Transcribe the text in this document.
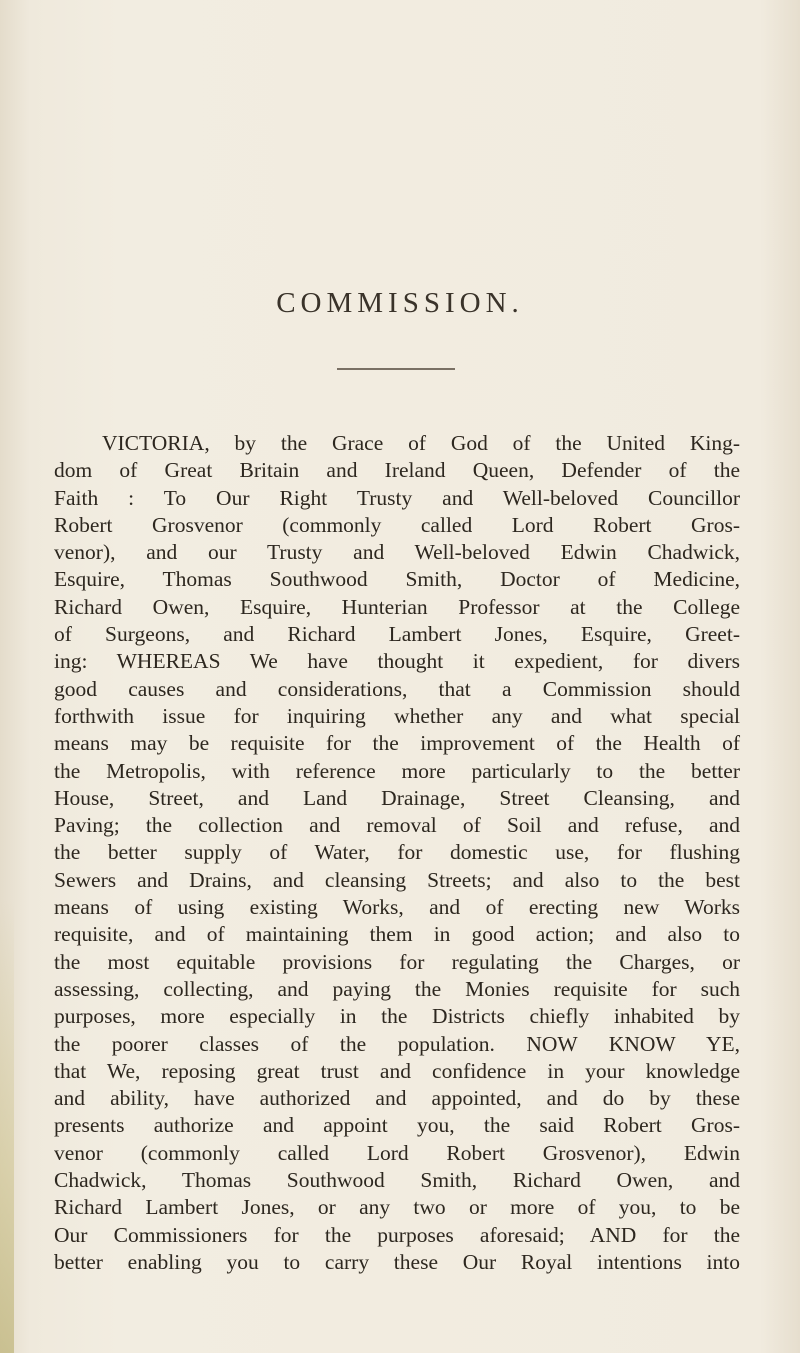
COMMISSION.
VICTORIA, by the Grace of God of the United King-
dom of Great Britain and Ireland Queen, Defender of the
Faith : To Our Right Trusty and Well-beloved Councillor
Robert Grosvenor (commonly called Lord Robert Gros-
venor), and our Trusty and Well-beloved Edwin Chadwick,
Esquire, Thomas Southwood Smith, Doctor of Medicine,
Richard Owen, Esquire, Hunterian Professor at the College
of Surgeons, and Richard Lambert Jones, Esquire, Greet-
ing: WHEREAS We have thought it expedient, for divers
good causes and considerations, that a Commission should
forthwith issue for inquiring whether any and what special
means may be requisite for the improvement of the Health of
the Metropolis, with reference more particularly to the better
House, Street, and Land Drainage, Street Cleansing, and
Paving; the collection and removal of Soil and refuse, and
the better supply of Water, for domestic use, for flushing
Sewers and Drains, and cleansing Streets; and also to the best
means of using existing Works, and of erecting new Works
requisite, and of maintaining them in good action; and also to
the most equitable provisions for regulating the Charges, or
assessing, collecting, and paying the Monies requisite for such
purposes, more especially in the Districts chiefly inhabited by
the poorer classes of the population. NOW KNOW YE,
that We, reposing great trust and confidence in your knowledge
and ability, have authorized and appointed, and do by these
presents authorize and appoint you, the said Robert Gros-
venor (commonly called Lord Robert Grosvenor), Edwin
Chadwick, Thomas Southwood Smith, Richard Owen, and
Richard Lambert Jones, or any two or more of you, to be
Our Commissioners for the purposes aforesaid; AND for the
better enabling you to carry these Our Royal intentions into
